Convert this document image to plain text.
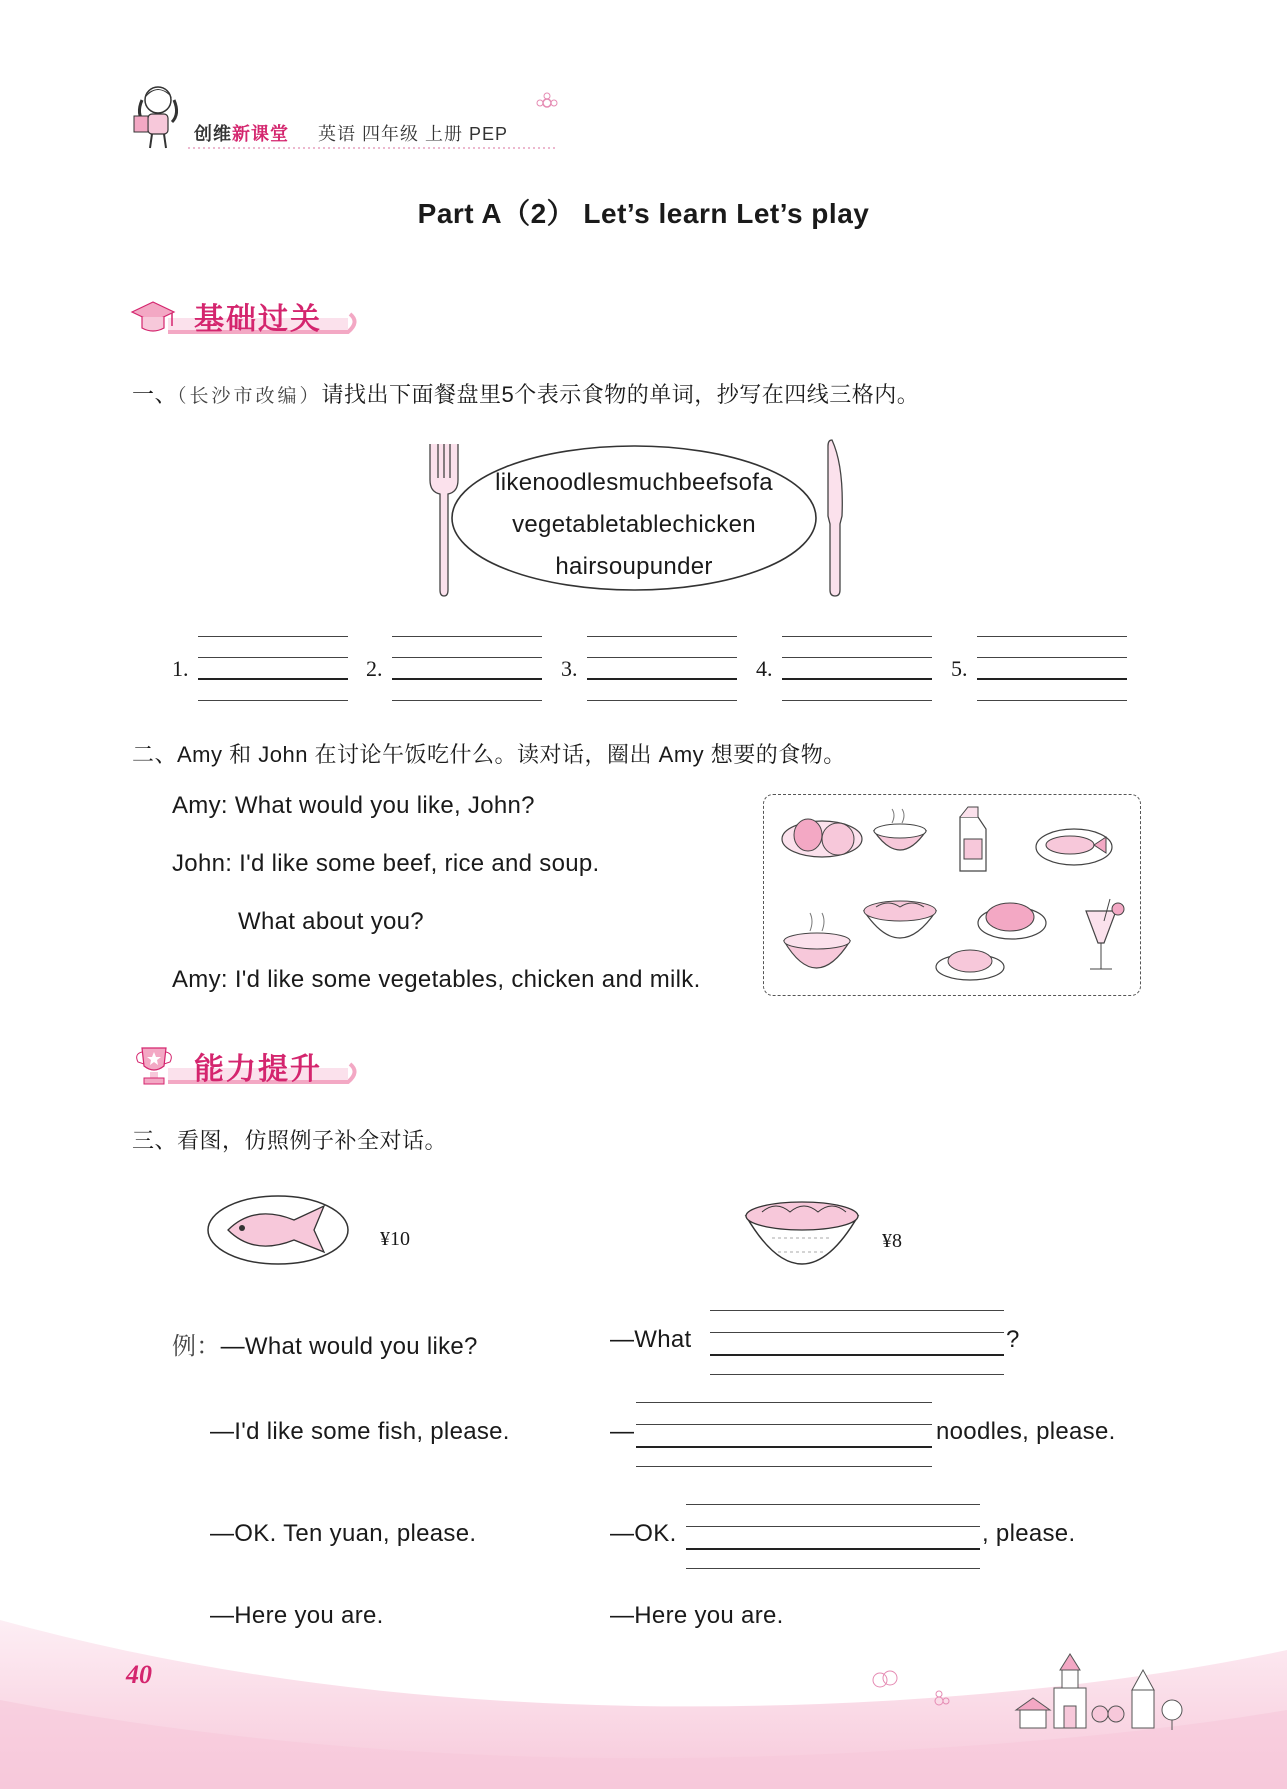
创维新课堂 英语 四年级 上册 PEP
Part A（2） Let’s learn Let’s play
基础过关
一、（长沙市改编）请找出下面餐盘里5个表示食物的单词，抄写在四线三格内。
likenoodlesmuchbeefsofa
vegetabletablechicken
hairsoupunder
1.	2.	3.	4.	5.
二、Amy 和 John 在讨论午饭吃什么。读对话，圈出 Amy 想要的食物。
Amy: What would you like, John?
John: I'd like some beef, rice and soup.
What about you?
Amy: I'd like some vegetables, chicken and milk.
能力提升
三、看图，仿照例子补全对话。
¥10	¥8
例：—What would you like?
—I'd like some fish, please.
—OK. Ten yuan, please.
—Here you are.
—What	?
—	noodles, please.
—OK.	, please.
—Here you are.
40
